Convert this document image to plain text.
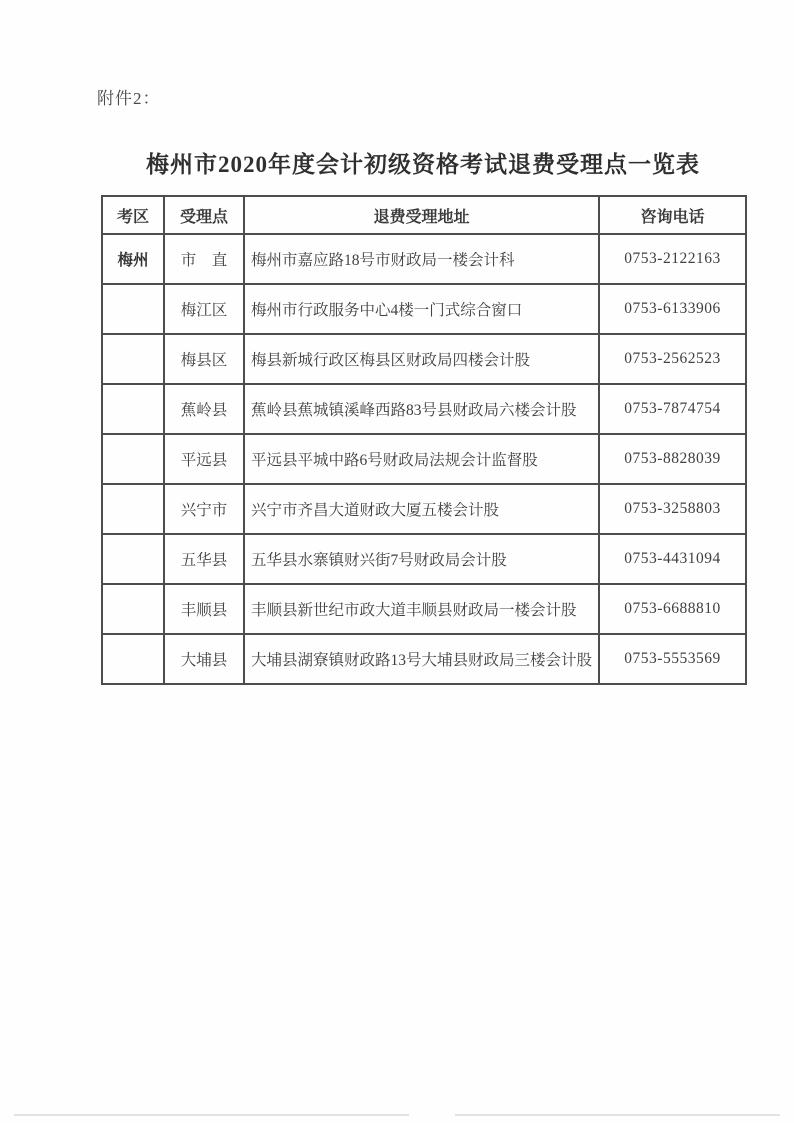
附件2：
梅州市2020年度会计初级资格考试退费受理点一览表
考区	受理点	退费受理地址	咨询电话
梅州	市　直	梅州市嘉应路18号市财政局一楼会计科	0753-2122163
	梅江区	梅州市行政服务中心4楼一门式综合窗口	0753-6133906
	梅县区	梅县新城行政区梅县区财政局四楼会计股	0753-2562523
	蕉岭县	蕉岭县蕉城镇溪峰西路83号县财政局六楼会计股	0753-7874754
	平远县	平远县平城中路6号财政局法规会计监督股	0753-8828039
	兴宁市	兴宁市齐昌大道财政大厦五楼会计股	0753-3258803
	五华县	五华县水寨镇财兴街7号财政局会计股	0753-4431094
	丰顺县	丰顺县新世纪市政大道丰顺县财政局一楼会计股	0753-6688810
	大埔县	大埔县湖寮镇财政路13号大埔县财政局三楼会计股	0753-5553569
